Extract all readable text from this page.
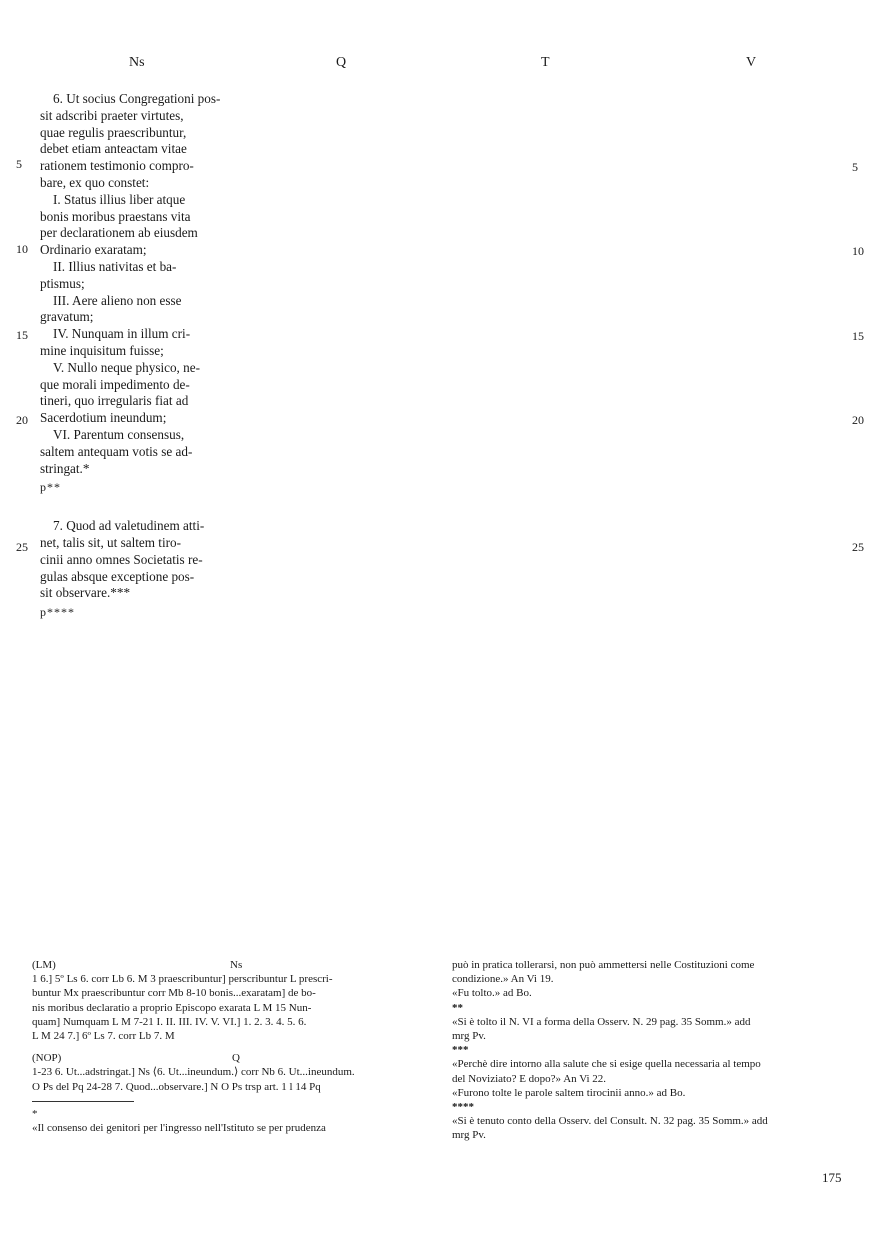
Ns	Q	T	V

6. Ut socius Congregationi pos-

sit adscribi praeter virtutes,

quae regulis praescribuntur,

debet etiam anteactam vitae

rationem testimonio compro-

bare, ex quo constet:

I. Status illius liber atque

bonis moribus praestans vita

per declarationem ab eiusdem

Ordinario exaratam;

II. Illius nativitas et ba-

ptismus;

III. Aere alieno non esse

gravatum;

IV. Nunquam in illum cri-

mine inquisitum fuisse;

V. Nullo neque physico, ne-

que morali impedimento de-

tineri, quo irregularis fiat ad

Sacerdotium ineundum;

VI. Parentum consensus,

saltem antequam votis se ad-

stringat.*

p**

7. Quod ad valetudinem atti-

net, talis sit, ut saltem tiro-

cinii anno omnes Societatis re-

gulas absque exceptione pos-

sit observare.***

p****

5
10
15
20
25
5
10
15
20
25
(LM)	Ns
1 6.] 5º Ls 6. corr Lb 6. M 3 praescribuntur] perscribuntur L prescri-
buntur Mx praescribuntur corr Mb 8-10 bonis...exaratam] de bo-
nis moribus declaratio a proprio Episcopo exarata L M 15 Nun-
quam] Numquam L M 7-21 I. II. III. IV. V. VI.] 1. 2. 3. 4. 5. 6.
L M 24 7.] 6º Ls 7. corr Lb 7. M
(NOP)	Q
1-23 6. Ut...adstringat.] Ns ⟨6. Ut...ineundum.⟩ corr Nb 6. Ut...ineundum.
O Ps del Pq 24-28 7. Quod...observare.] N O Ps trsp art. 1 l 14 Pq
*
«Il consenso dei genitori per l'ingresso nell'Istituto se per prudenza
può in pratica tollerarsi, non può ammettersi nelle Costituzioni come
condizione.» An Vi 19.
«Fu tolto.» ad Bo.
**
«Si è tolto il N. VI a forma della Osserv. N. 29 pag. 35 Somm.» add
mrg Pv.
***
«Perchè dire intorno alla salute che si esige quella necessaria al tempo
del Noviziato? E dopo?» An Vi 22.
«Furono tolte le parole saltem tirocinii anno.» ad Bo.
****
«Si è tenuto conto della Osserv. del Consult. N. 32 pag. 35 Somm.» add
mrg Pv.
175
